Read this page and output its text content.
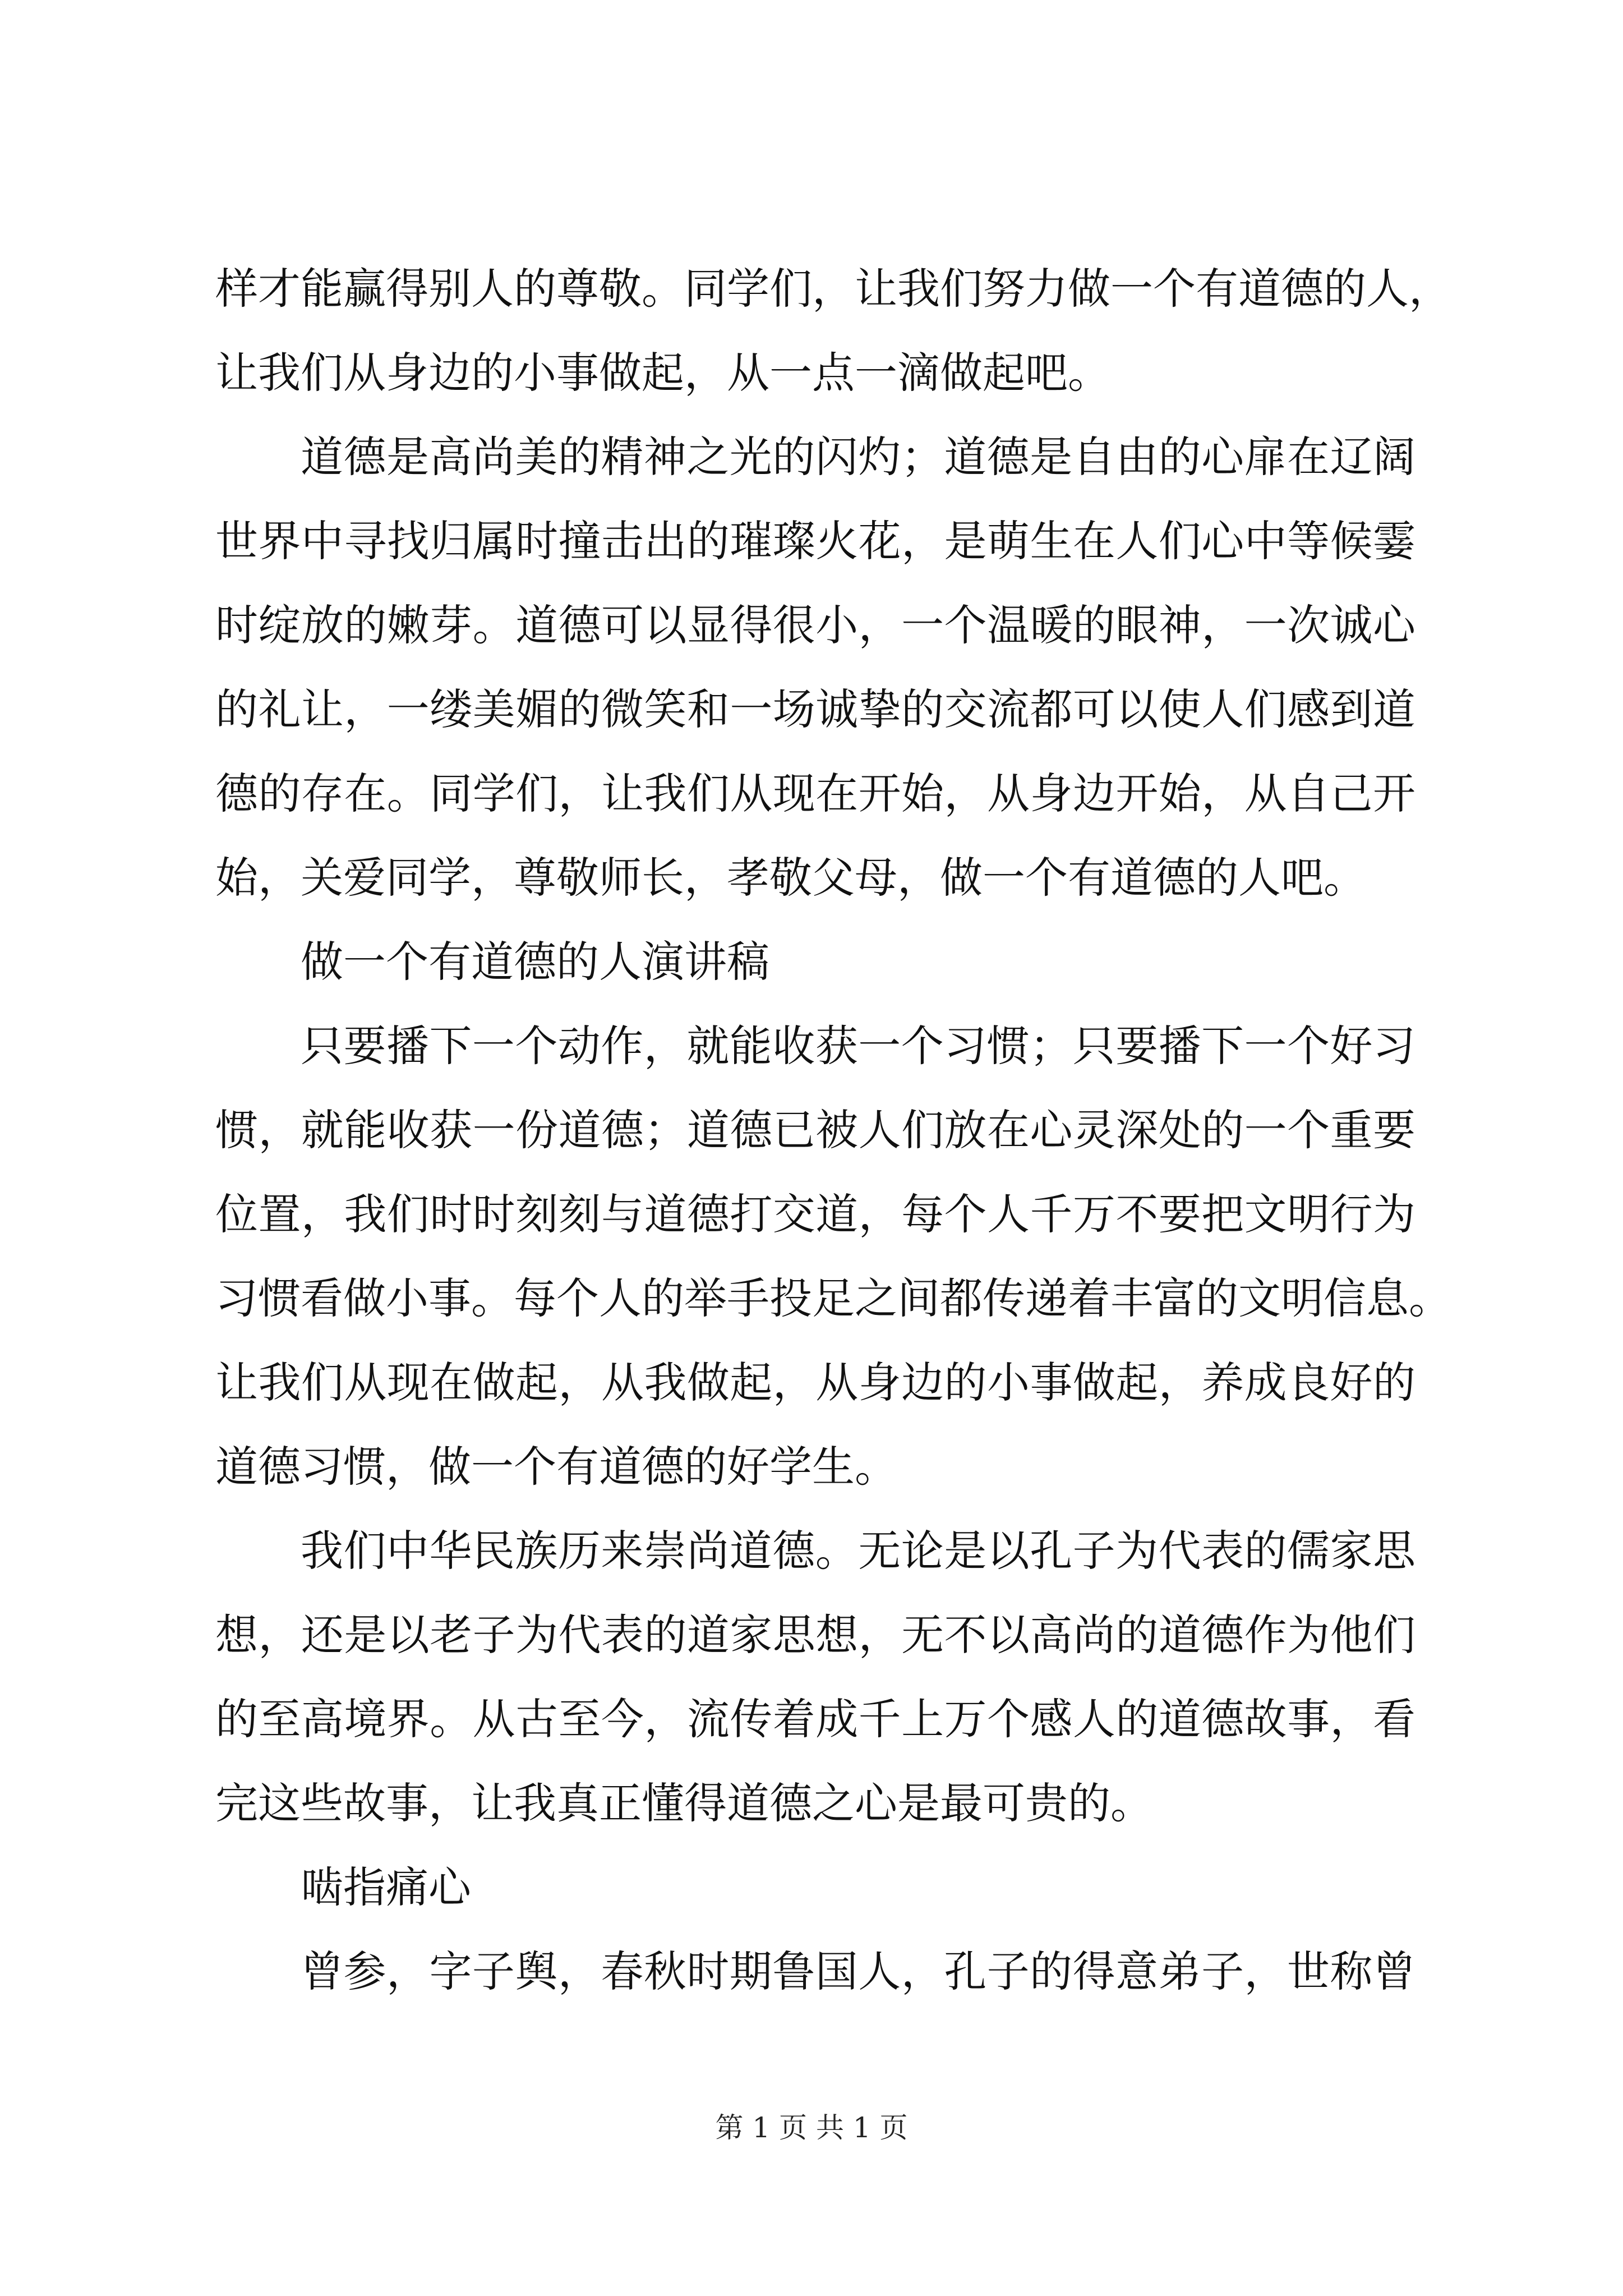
样才能赢得别人的尊敬。同学们，让我们努力做一个有道德的人，
让我们从身边的小事做起，从一点一滴做起吧。
道德是高尚美的精神之光的闪灼；道德是自由的心扉在辽阔
世界中寻找归属时撞击出的璀璨火花，是萌生在人们心中等候霎
时绽放的嫩芽。道德可以显得很小，一个温暖的眼神，一次诚心
的礼让，一缕美媚的微笑和一场诚挚的交流都可以使人们感到道
德的存在。同学们，让我们从现在开始，从身边开始，从自己开
始，关爱同学，尊敬师长，孝敬父母，做一个有道德的人吧。
做一个有道德的人演讲稿
只要播下一个动作，就能收获一个习惯；只要播下一个好习
惯，就能收获一份道德；道德已被人们放在心灵深处的一个重要
位置，我们时时刻刻与道德打交道，每个人千万不要把文明行为
习惯看做小事。每个人的举手投足之间都传递着丰富的文明信息。
让我们从现在做起，从我做起，从身边的小事做起，养成良好的
道德习惯，做一个有道德的好学生。
我们中华民族历来崇尚道德。无论是以孔子为代表的儒家思
想，还是以老子为代表的道家思想，无不以高尚的道德作为他们
的至高境界。从古至今，流传着成千上万个感人的道德故事，看
完这些故事，让我真正懂得道德之心是最可贵的。
啮指痛心
曾参，字子舆，春秋时期鲁国人，孔子的得意弟子，世称曾
第 1 页 共 1 页
